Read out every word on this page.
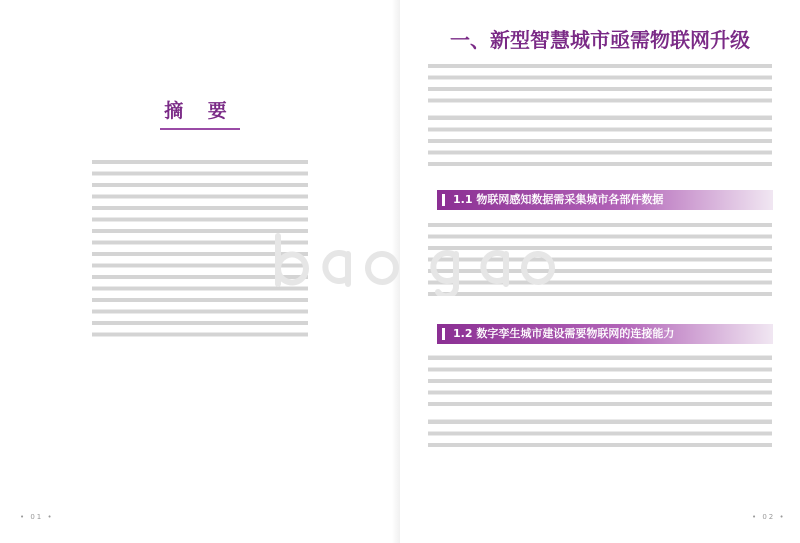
摘 要

• 01 •
一、新型智慧城市亟需物联网升级

1.1 物联网感知数据需采集城市各部件数据

1.2 数字孪生城市建设需要物联网的连接能力

• 02 •
